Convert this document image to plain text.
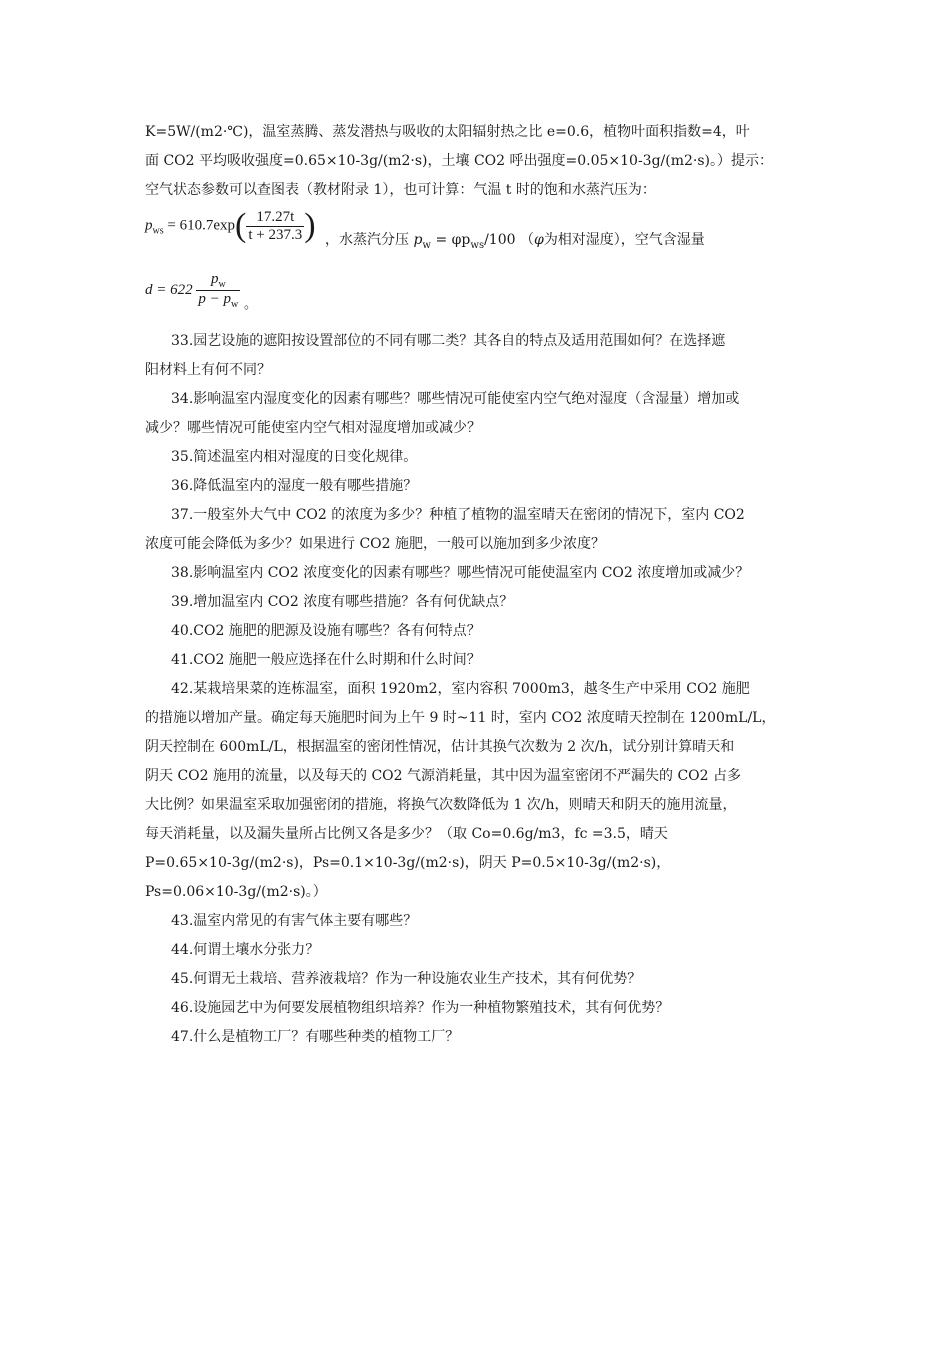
K=5W/(m2·℃)，温室蒸腾、蒸发潜热与吸收的太阳辐射热之比 e=0.6，植物叶面积指数=4，叶
面 CO2 平均吸收强度=0.65×10-3g/(m2·s)，土壤 CO2 呼出强度=0.05×10-3g/(m2·s)。）提示：
空气状态参数可以查图表（教材附录 1），也可计算：气温 t 时的饱和水蒸汽压为：
$p_{ws} = 610.7\exp( \frac{17.27t}{t + 237.3}$ ) ，水蒸汽分压 $p_w = \varphi p_{ws}/100$ （φ为相对湿度），空气含湿量
$d = 622 \frac{p_w}{p - p_w}$ 。
33.园艺设施的遮阳按设置部位的不同有哪二类？其各自的特点及适用范围如何？在选择遮
阳材料上有何不同？
34.影响温室内湿度变化的因素有哪些？哪些情况可能使室内空气绝对湿度（含湿量）增加或
减少？哪些情况可能使室内空气相对湿度增加或减少？
35.简述温室内相对湿度的日变化规律。
36.降低温室内的湿度一般有哪些措施？
37.一般室外大气中 CO2 的浓度为多少？种植了植物的温室晴天在密闭的情况下，室内 CO2
浓度可能会降低为多少？如果进行 CO2 施肥，一般可以施加到多少浓度？
38.影响温室内 CO2 浓度变化的因素有哪些？哪些情况可能使温室内 CO2 浓度增加或减少？
39.增加温室内 CO2 浓度有哪些措施？各有何优缺点？
40.CO2 施肥的肥源及设施有哪些？各有何特点？
41.CO2 施肥一般应选择在什么时期和什么时间？
42.某栽培果菜的连栋温室，面积 1920m2，室内容积 7000m3，越冬生产中采用 CO2 施肥
的措施以增加产量。确定每天施肥时间为上午 9 时~11 时，室内 CO2 浓度晴天控制在 1200mL/L，
阴天控制在 600mL/L，根据温室的密闭性情况，估计其换气次数为 2 次/h，试分别计算晴天和
阴天 CO2 施用的流量，以及每天的 CO2 气源消耗量，其中因为温室密闭不严漏失的 CO2 占多
大比例？如果温室采取加强密闭的措施，将换气次数降低为 1 次/h，则晴天和阴天的施用流量，
每天消耗量，以及漏失量所占比例又各是多少？（取 Co=0.6g/m3，fc =3.5，晴天
P=0.65×10-3g/(m2·s)，Ps=0.1×10-3g/(m2·s)，阴天 P=0.5×10-3g/(m2·s)，
Ps=0.06×10-3g/(m2·s)。）
43.温室内常见的有害气体主要有哪些？
44.何谓土壤水分张力？
45.何谓无土栽培、营养液栽培？作为一种设施农业生产技术，其有何优势？
46.设施园艺中为何要发展植物组织培养？作为一种植物繁殖技术，其有何优势？
47.什么是植物工厂？有哪些种类的植物工厂？
